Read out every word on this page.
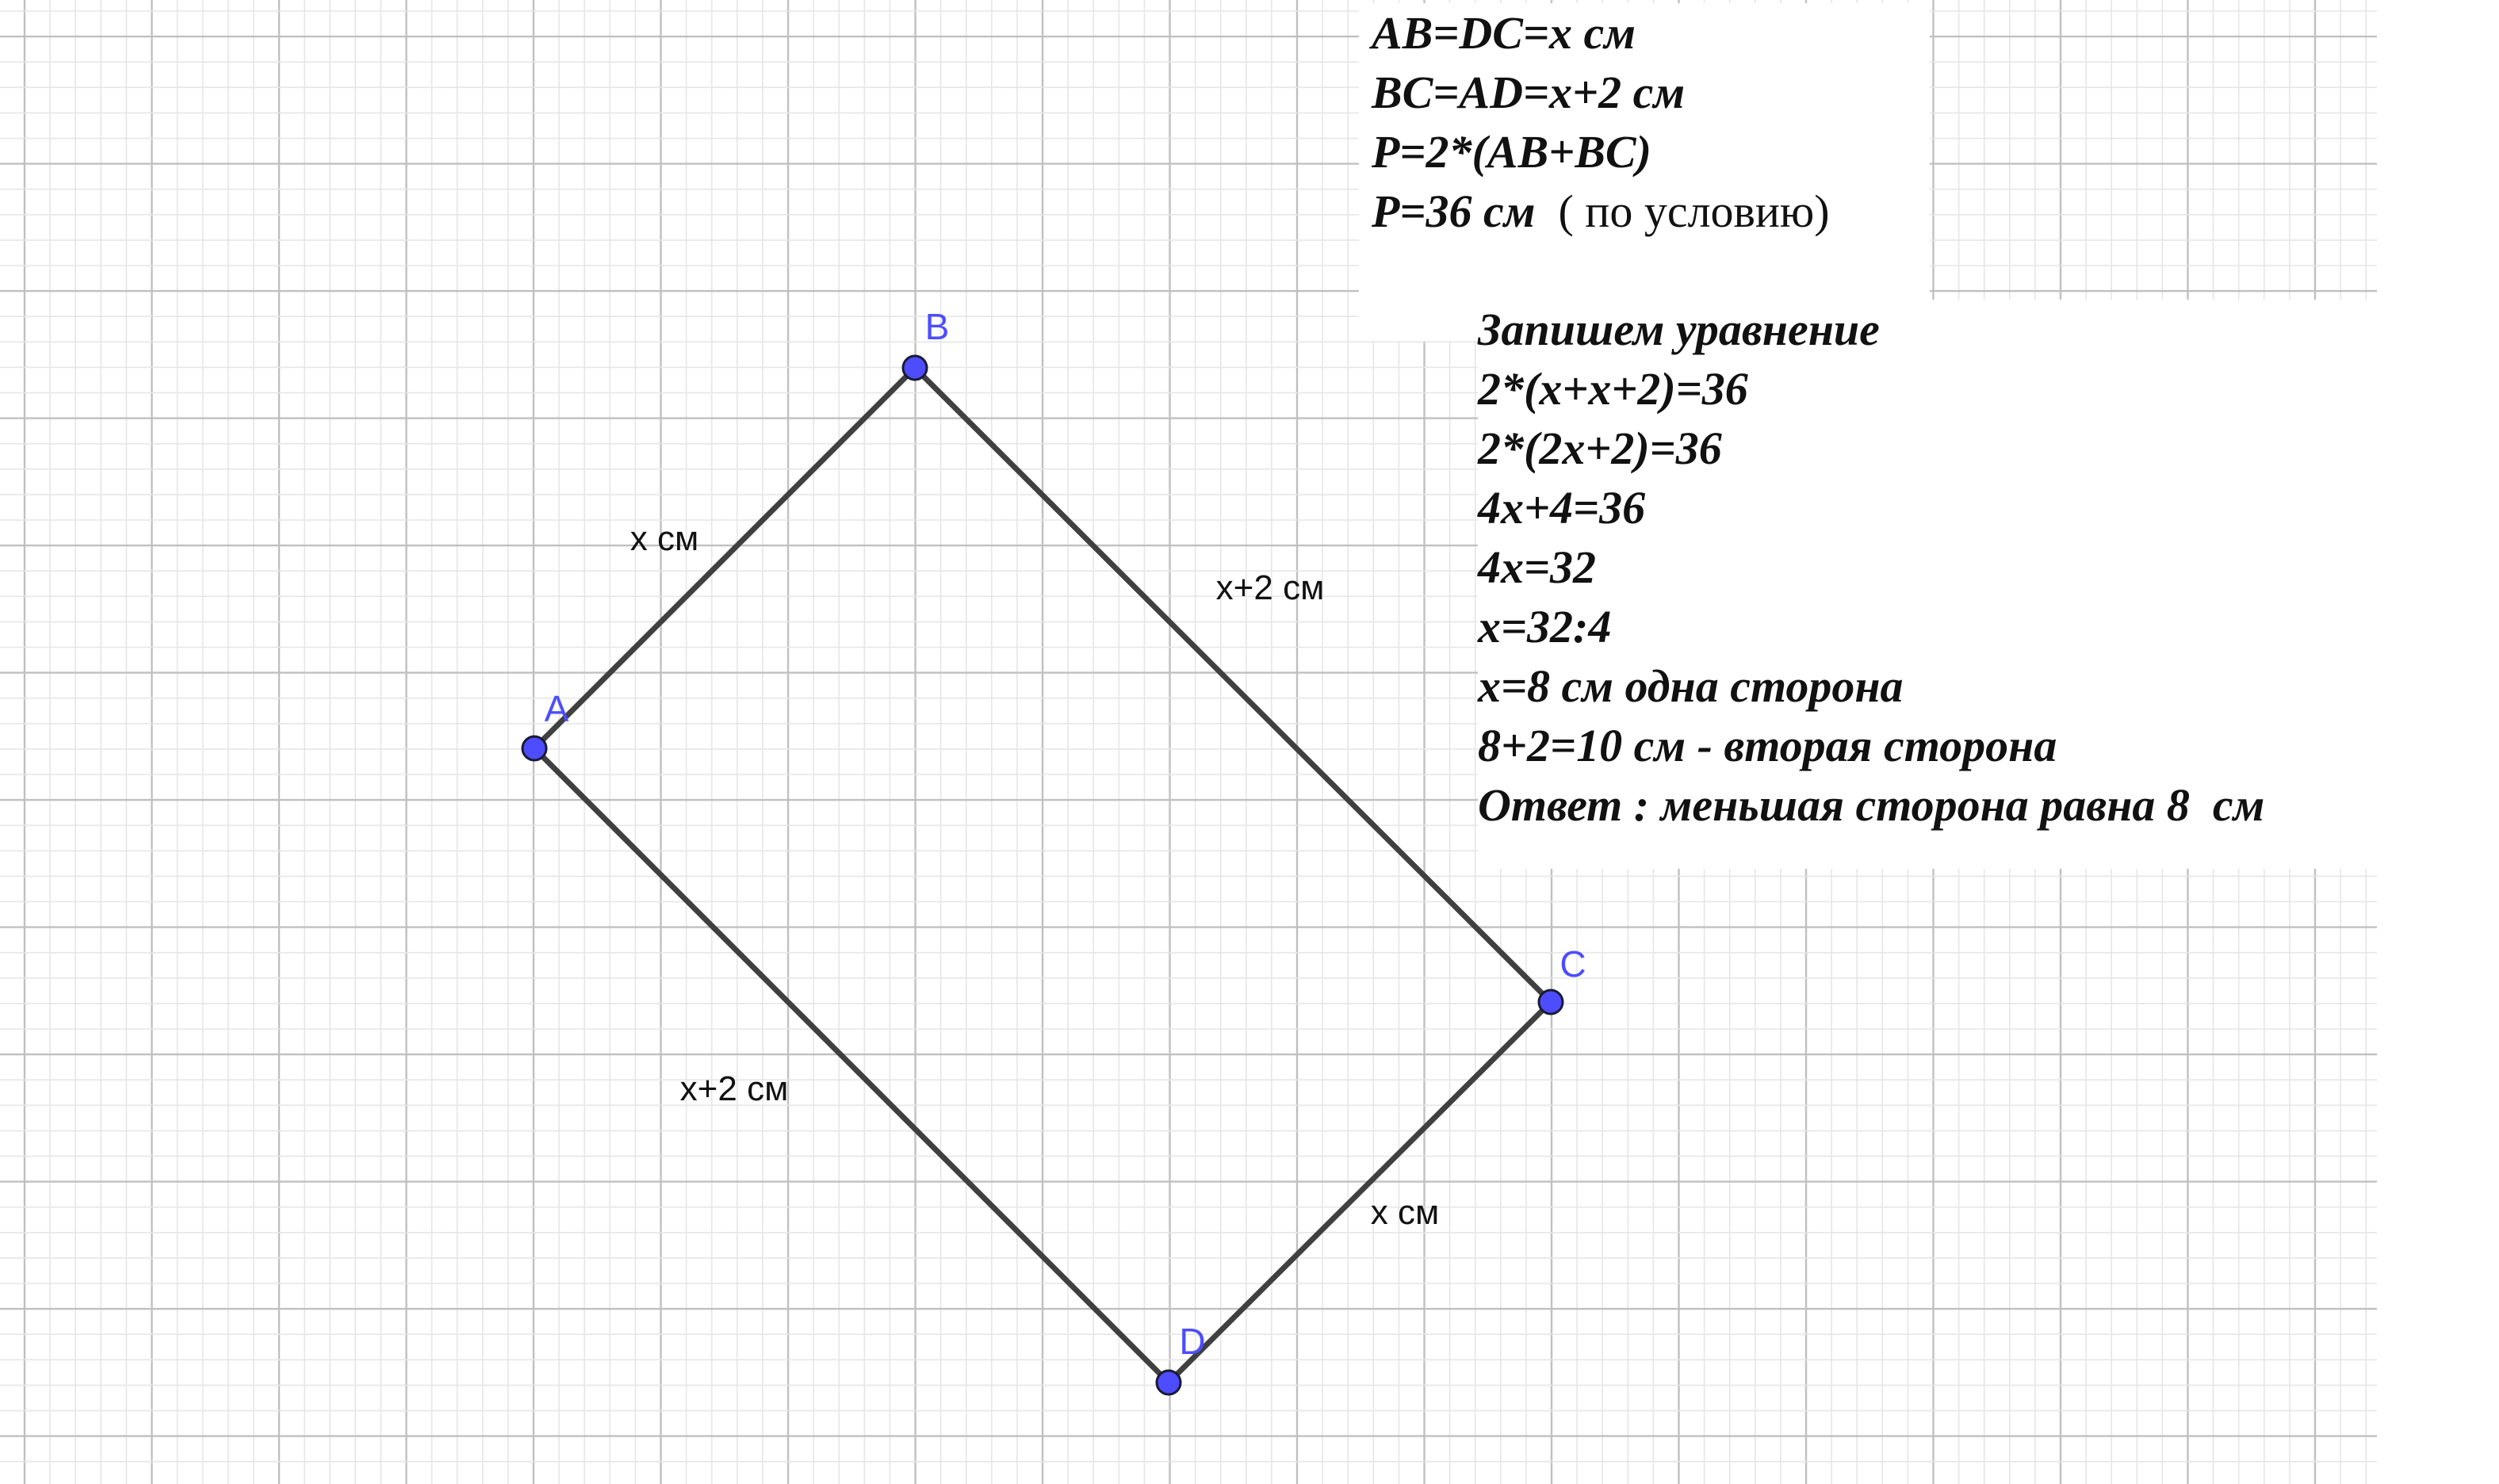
x см
x+2 см
x см
x+2 см
A
B
C
D
AB=DC=x см
BC=AD=x+2 см
P=2*(AB+BC)
P=36 см ( по условию)
Запишем уравнение
2*(x+x+2)=36
2*(2x+2)=36
4x+4=36
4x=32
x=32:4
x=8 см одна сторона
8+2=10 см - вторая сторона
Ответ : меньшая сторона равна 8  см
